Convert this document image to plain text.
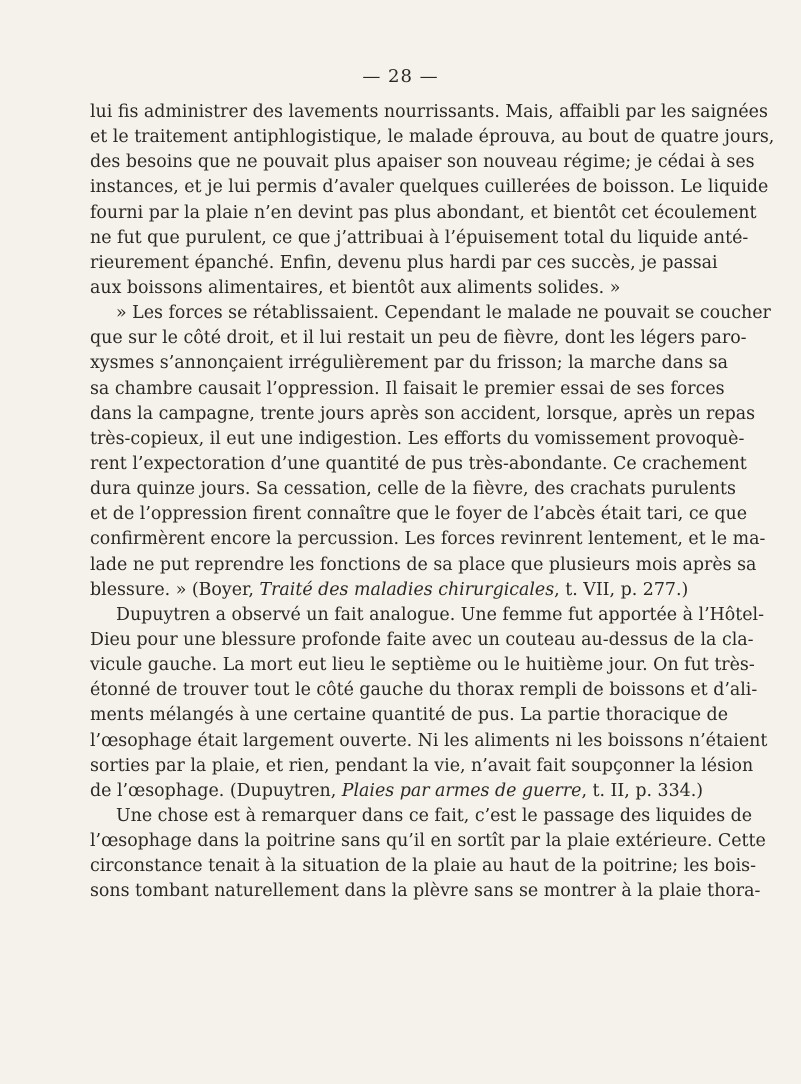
— 28 —
lui fis administrer des lavements nourrissants. Mais, affaibli par les saignées
et le traitement antiphlogistique, le malade éprouva, au bout de quatre jours,
des besoins que ne pouvait plus apaiser son nouveau régime; je cédai à ses
instances, et je lui permis d’avaler quelques cuillerées de boisson. Le liquide
fourni par la plaie n’en devint pas plus abondant, et bientôt cet écoulement
ne fut que purulent, ce que j’attribuai à l’épuisement total du liquide anté-
rieurement épanché. Enfin, devenu plus hardi par ces succès, je passai
aux boissons alimentaires, et bientôt aux aliments solides. »
» Les forces se rétablissaient. Cependant le malade ne pouvait se coucher
que sur le côté droit, et il lui restait un peu de fièvre, dont les légers paro-
xysmes s’annonçaient irrégulièrement par du frisson; la marche dans sa
sa chambre causait l’oppression. Il faisait le premier essai de ses forces
dans la campagne, trente jours après son accident, lorsque, après un repas
très-copieux, il eut une indigestion. Les efforts du vomissement provoquè-
rent l’expectoration d’une quantité de pus très-abondante. Ce crachement
dura quinze jours. Sa cessation, celle de la fièvre, des crachats purulents
et de l’oppression firent connaître que le foyer de l’abcès était tari, ce que
confirmèrent encore la percussion. Les forces revinrent lentement, et le ma-
lade ne put reprendre les fonctions de sa place que plusieurs mois après sa
blessure. » (Boyer, Traité des maladies chirurgicales, t. VII, p. 277.)
Dupuytren a observé un fait analogue. Une femme fut apportée à l’Hôtel-
Dieu pour une blessure profonde faite avec un couteau au-dessus de la cla-
vicule gauche. La mort eut lieu le septième ou le huitième jour. On fut très-
étonné de trouver tout le côté gauche du thorax rempli de boissons et d’ali-
ments mélangés à une certaine quantité de pus. La partie thoracique de
l’œsophage était largement ouverte. Ni les aliments ni les boissons n’étaient
sorties par la plaie, et rien, pendant la vie, n’avait fait soupçonner la lésion
de l’œsophage. (Dupuytren, Plaies par armes de guerre, t. II, p. 334.)
Une chose est à remarquer dans ce fait, c’est le passage des liquides de
l’œsophage dans la poitrine sans qu’il en sortît par la plaie extérieure. Cette
circonstance tenait à la situation de la plaie au haut de la poitrine; les bois-
sons tombant naturellement dans la plèvre sans se montrer à la plaie thora-
